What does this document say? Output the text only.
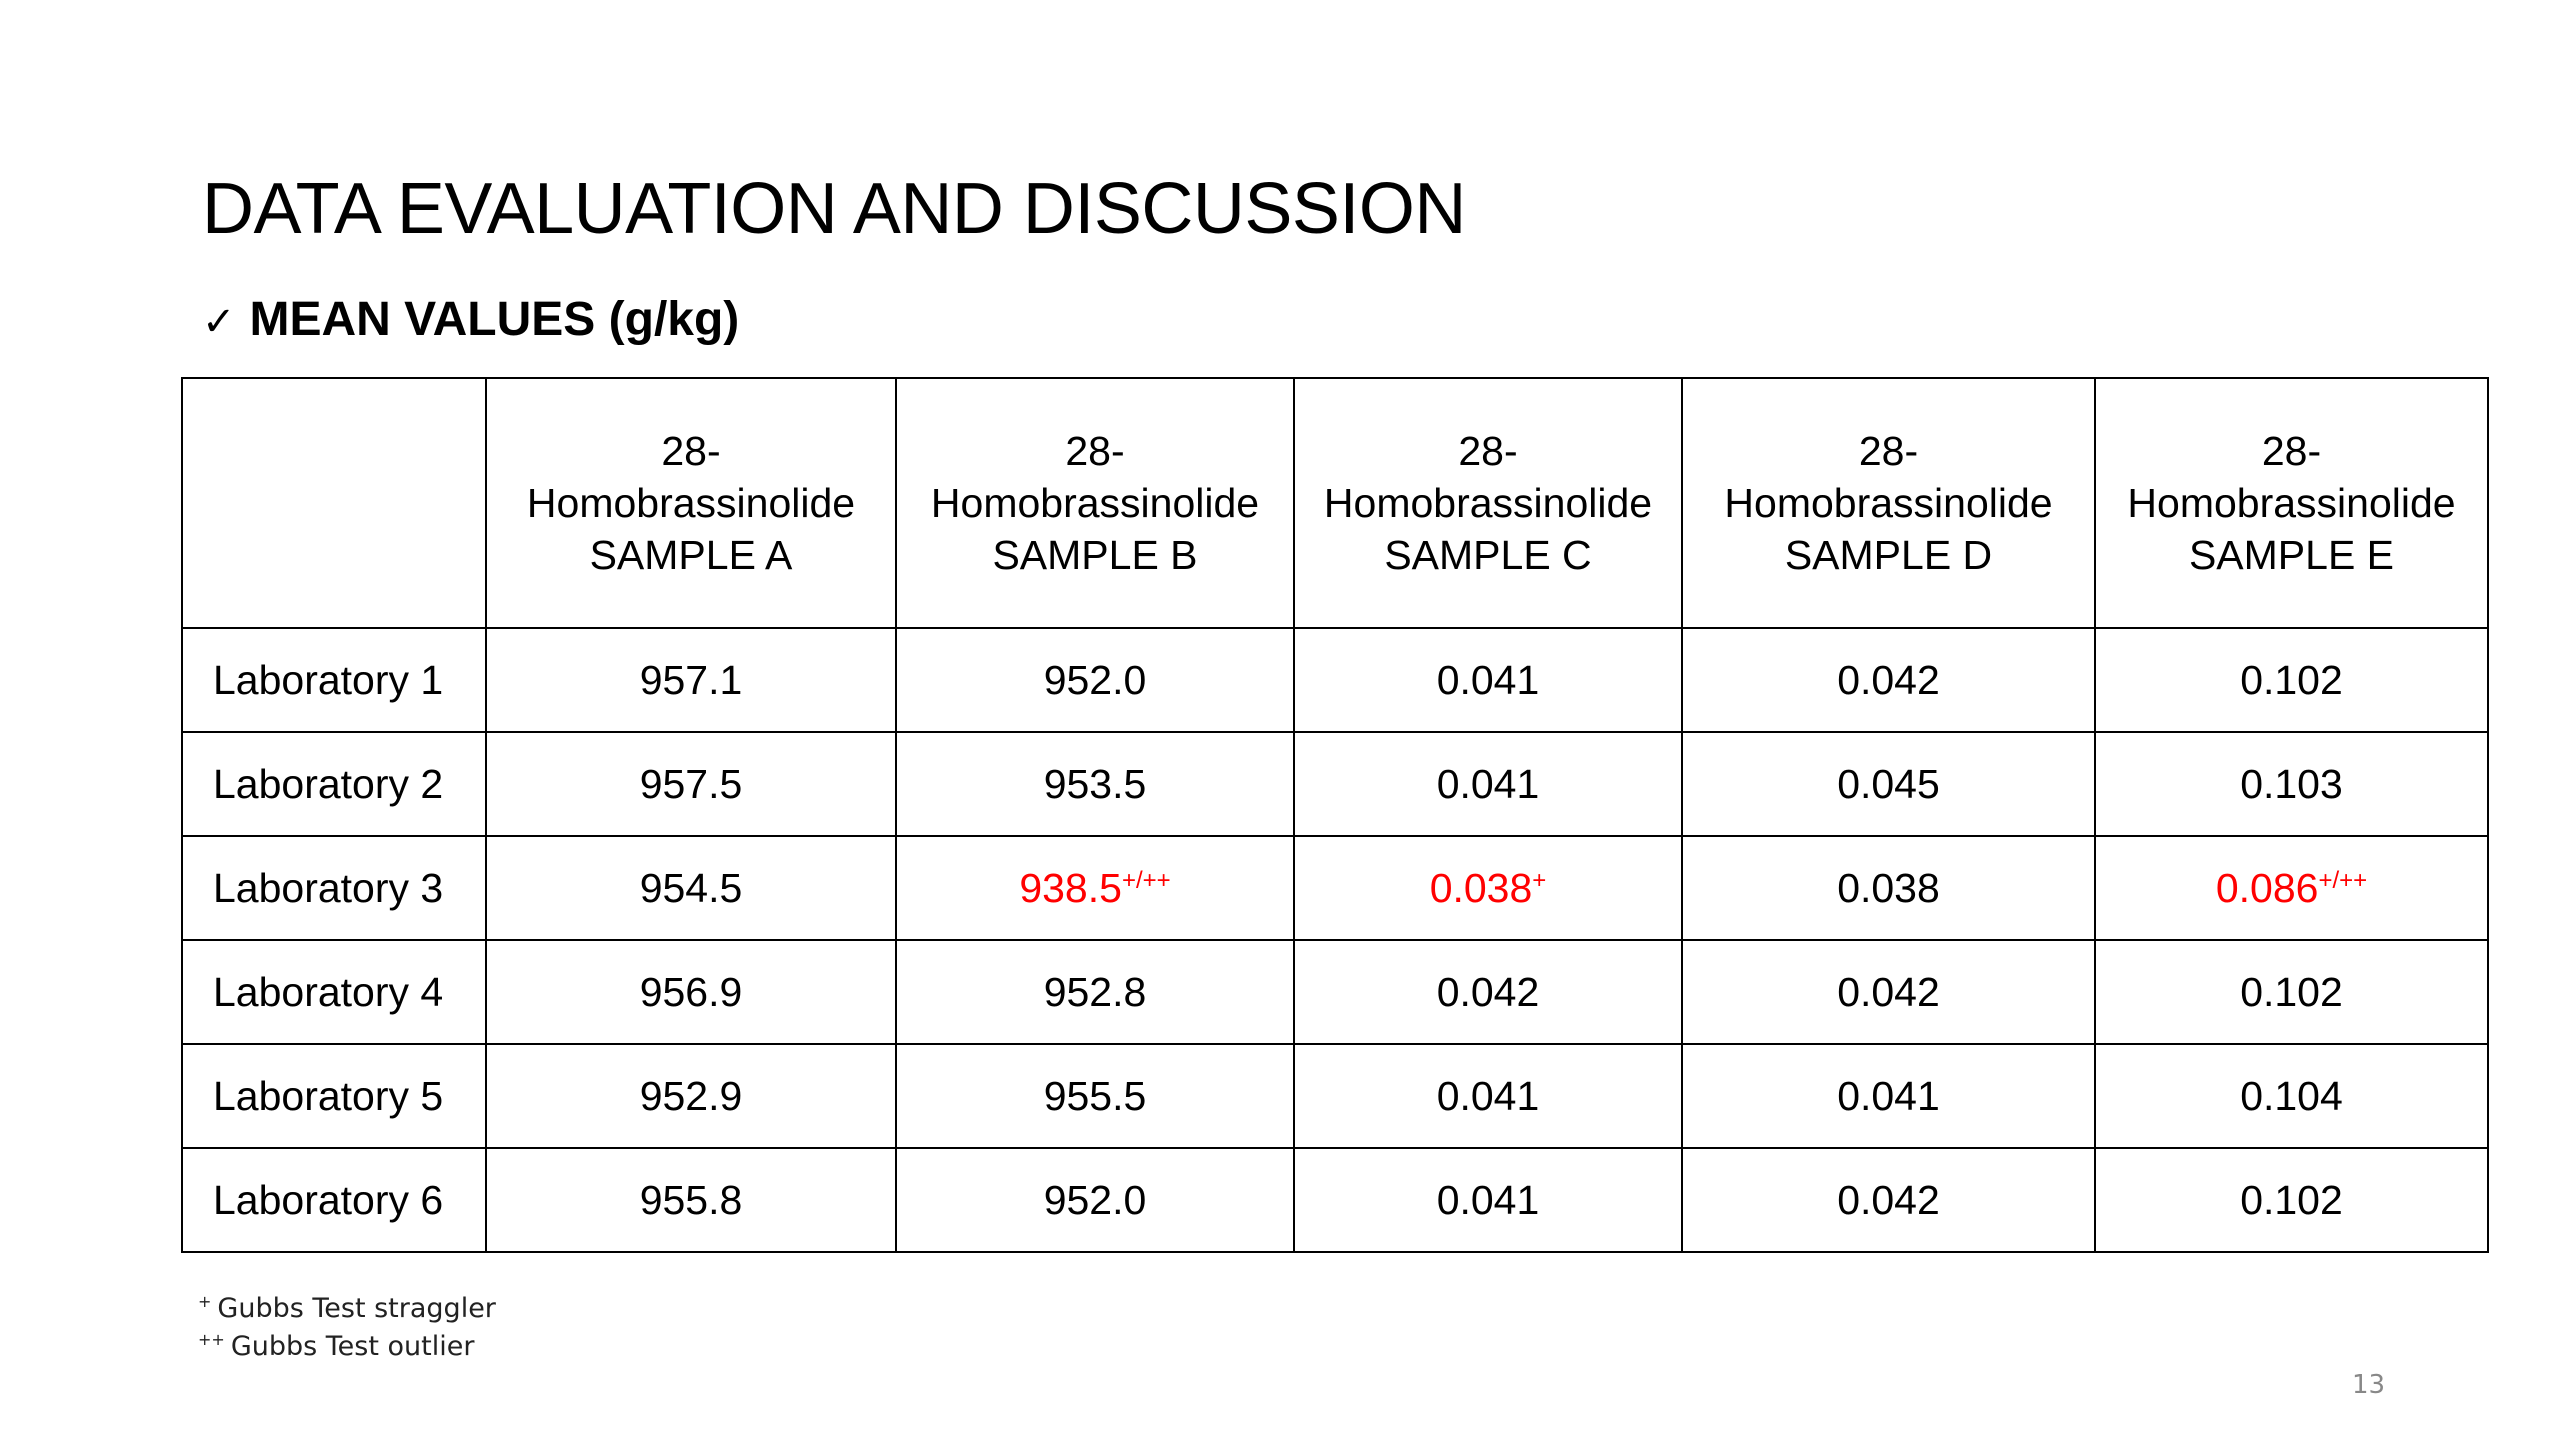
DATA EVALUATION AND DISCUSSION
✓ MEAN VALUES (g/kg)
	28-
Homobrassinolide
SAMPLE A	28-
Homobrassinolide
SAMPLE B	28-
Homobrassinolide
SAMPLE C	28-
Homobrassinolide
SAMPLE D	28-
Homobrassinolide
SAMPLE E
Laboratory 1	957.1	952.0	0.041	0.042	0.102
Laboratory 2	957.5	953.5	0.041	0.045	0.103
Laboratory 3	954.5	938.5+/++	0.038+	0.038	0.086+/++
Laboratory 4	956.9	952.8	0.042	0.042	0.102
Laboratory 5	952.9	955.5	0.041	0.041	0.104
Laboratory 6	955.8	952.0	0.041	0.042	0.102
+ Gubbs Test straggler
++ Gubbs Test outlier
13
